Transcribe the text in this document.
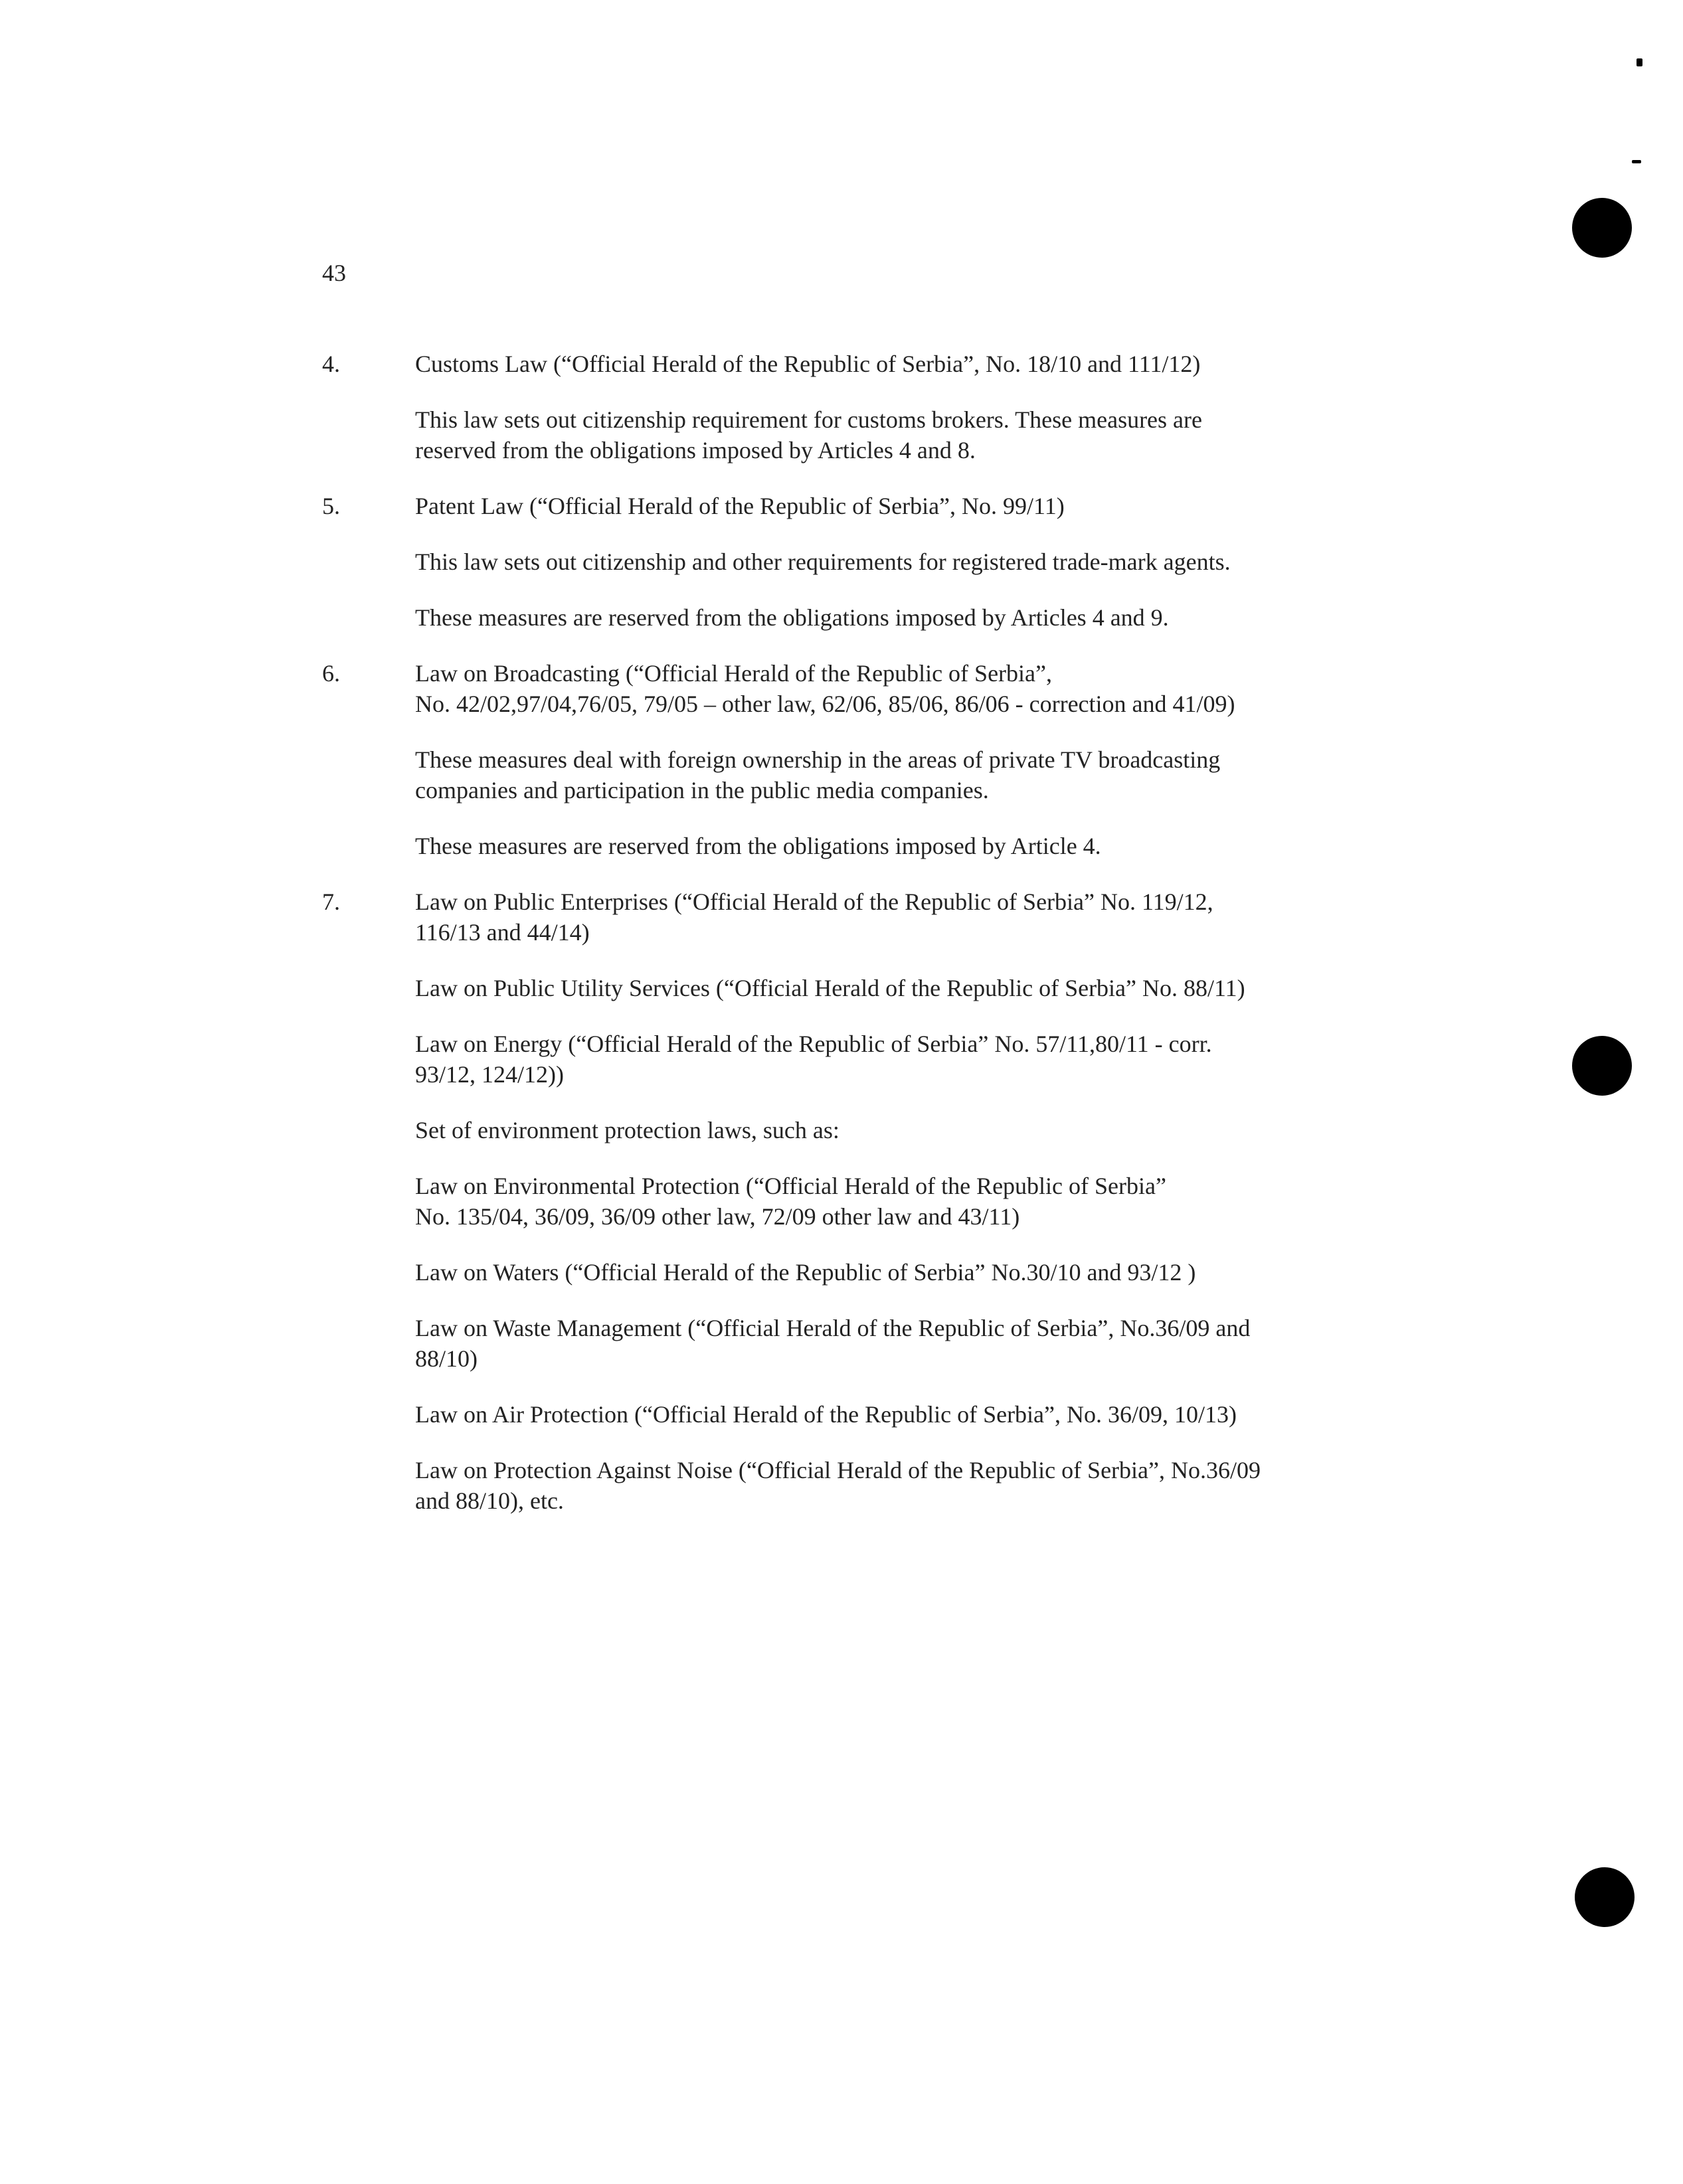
43
4.	Customs Law (“Official Herald of the Republic of Serbia”, No. 18/10 and 111/12)

This law sets out citizenship requirement for customs brokers. These measures are
reserved from the obligations imposed by Articles 4 and 8.

5.	Patent Law (“Official Herald of the Republic of Serbia”, No. 99/11)

This law sets out citizenship and other requirements for registered trade-mark agents.

These measures are reserved from the obligations imposed by Articles 4 and 9.

6.	Law on Broadcasting (“Official Herald of the Republic of Serbia”,
No. 42/02,97/04,76/05, 79/05 – other law, 62/06, 85/06, 86/06 - correction and 41/09)

These measures deal with foreign ownership in the areas of private TV broadcasting
companies and participation in the public media companies.

These measures are reserved from the obligations imposed by Article 4.

7.	Law on Public Enterprises (“Official Herald of the Republic of Serbia” No. 119/12,
116/13 and 44/14)

Law on Public Utility Services (“Official Herald of the Republic of Serbia” No. 88/11)

Law on Energy (“Official Herald of the Republic of Serbia” No. 57/11,80/11 - corr.
93/12, 124/12))

Set of environment protection laws, such as:

Law on Environmental Protection (“Official Herald of the Republic of Serbia”
No. 135/04, 36/09, 36/09 other law, 72/09 other law and 43/11)

Law on Waters (“Official Herald of the Republic of Serbia” No.30/10 and 93/12 )

Law on Waste Management (“Official Herald of the Republic of Serbia”, No.36/09 and
88/10)

Law on Air Protection (“Official Herald of the Republic of Serbia”, No. 36/09, 10/13)

Law on Protection Against Noise (“Official Herald of the Republic of Serbia”, No.36/09
and 88/10), etc.
